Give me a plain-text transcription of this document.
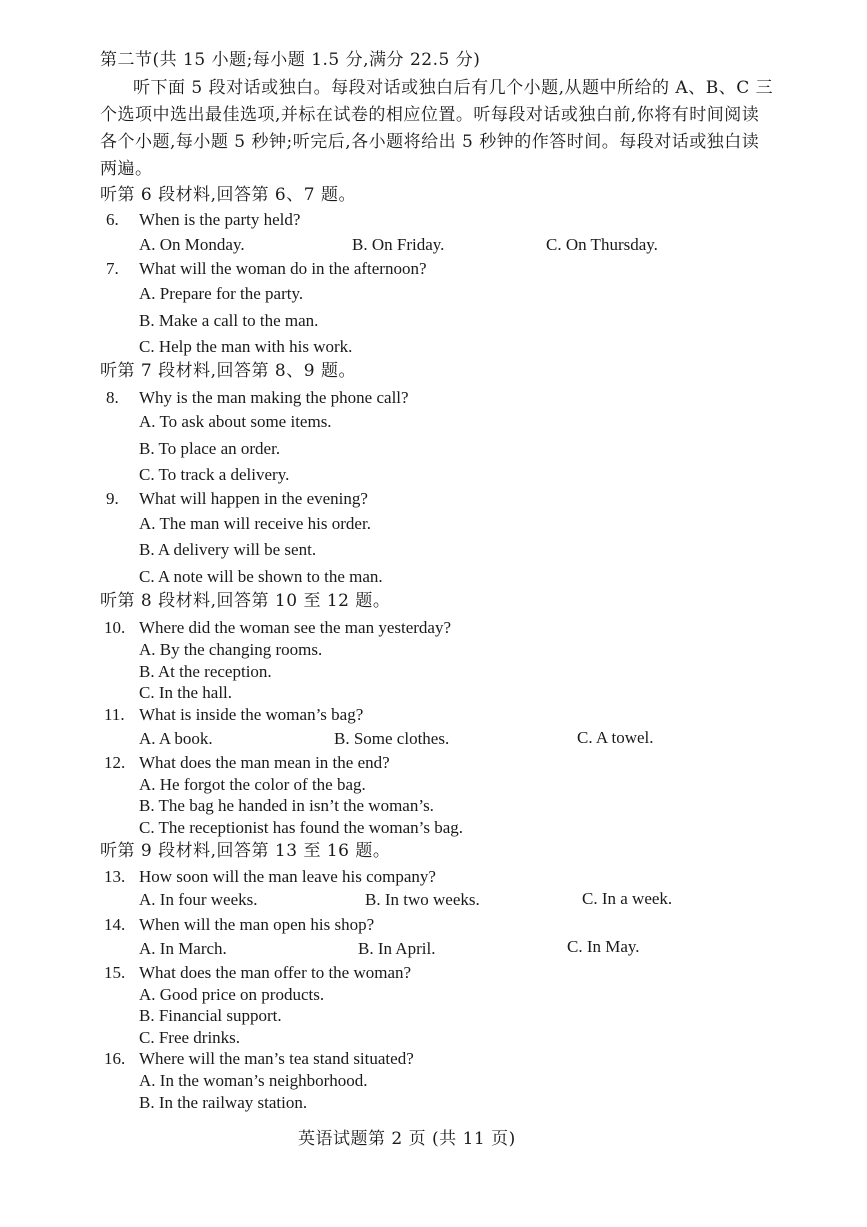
第二节(共 15 小题;每小题 1.5 分,满分 22.5 分)
听下面 5 段对话或独白。每段对话或独白后有几个小题,从题中所给的 A、B、C 三
个选项中选出最佳选项,并标在试卷的相应位置。听每段对话或独白前,你将有时间阅读
各个小题,每小题 5 秒钟;听完后,各小题将给出 5 秒钟的作答时间。每段对话或独白读
两遍。
听第 6 段材料,回答第 6、7 题。
6. When is the party held?
A. On Monday.	B. On Friday.	C. On Thursday.
7. What will the woman do in the afternoon?
A. Prepare for the party.
B. Make a call to the man.
C. Help the man with his work.
听第 7 段材料,回答第 8、9 题。
8. Why is the man making the phone call?
A. To ask about some items.
B. To place an order.
C. To track a delivery.
9. What will happen in the evening?
A. The man will receive his order.
B. A delivery will be sent.
C. A note will be shown to the man.
听第 8 段材料,回答第 10 至 12 题。
10. Where did the woman see the man yesterday?
A. By the changing rooms.
B. At the reception.
C. In the hall.
11. What is inside the woman’s bag?
A. A book.	B. Some clothes.	C. A towel.
12. What does the man mean in the end?
A. He forgot the color of the bag.
B. The bag he handed in isn’t the woman’s.
C. The receptionist has found the woman’s bag.
听第 9 段材料,回答第 13 至 16 题。
13. How soon will the man leave his company?
A. In four weeks.	B. In two weeks.	C. In a week.
14. When will the man open his shop?
A. In March.	B. In April.	C. In May.
15. What does the man offer to the woman?
A. Good price on products.
B. Financial support.
C. Free drinks.
16. Where will the man’s tea stand situated?
A. In the woman’s neighborhood.
B. In the railway station.
英语试题第 2 页 (共 11 页)
